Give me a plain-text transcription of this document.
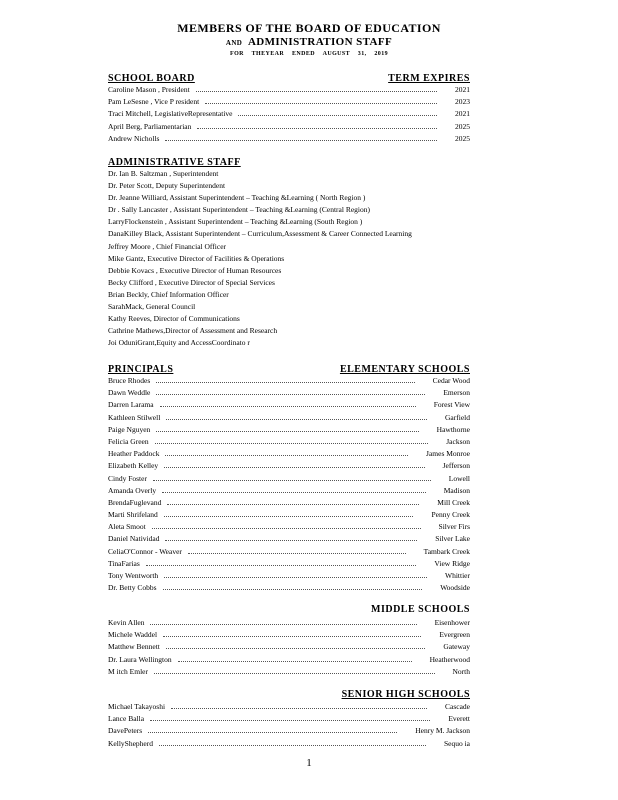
MEMBERS OF THE BOARD OF EDUCATION
AND ADMINISTRATION STAFF
FOR THEYEAR ENDED AUGUST 31, 2019
SCHOOL BOARD	TERM EXPIRES
Caroline Mason , President	2021
Pam LeSesne , Vice P resident	2023
Traci Mitchell, LegislativeRepresentative	2021
April Berg, Parliamentarian	2025
Andrew Nicholls	2025
ADMINISTRATIVE STAFF
Dr. Ian B. Saltzman , Superintendent
Dr. Peter Scott, Deputy Superintendent
Dr. Jeanne Williard, Assistant Superintendent – Teaching &Learning ( North Region )
Dr . Sally Lancaster , Assistant Superintendent – Teaching &Learning (Central Region)
LarryFlockenstein , Assistant Superintendent – Teaching &Learning (South Region )
DanaKilley Black, Assistant Superintendent – Curriculum,Assessment & Career Connected Learning
Jeffrey Moore , Chief Financial Officer
Mike Gantz, Executive Director of Facilities & Operations
Debbie Kovacs , Executive Director of Human Resources
Becky Clifford , Executive Director of Special Services
Brian Beckly, Chief Information Officer
SarahMack, General Council
Kathy Reeves, Director of Communications
Cathrine Mathews,Director of Assessment and Research
Joi OduniGrant,Equity and AccessCoordinato r
PRINCIPALS	ELEMENTARY SCHOOLS
Bruce Rhodes	Cedar Wood
Dawn Weddle	Emerson
Darren Larama	Forest View
Kathleen Stilwell	Garfield
Paige Nguyen	Hawthorne
Felicia Green	Jackson
Heather Paddock	James Monroe
Elizabeth Kelley	Jefferson
Cindy Foster	Lowell
Amanda Overly	Madison
BrendaFuglevand	Mill Creek
Marti Shrifeland	Penny Creek
Aleta Smoot	Silver Firs
Daniel Natividad	Silver Lake
CeliaO'Connor - Weaver	Tambark Creek
TinaFarias	View Ridge
Tony Wentworth	Whittier
Dr. Betty Cobbs	Woodside
MIDDLE SCHOOLS
Kevin Allen	Eisenhower
Michele Waddel	Evergreen
Matthew Bennett	Gateway
Dr. Laura Wellington	Heatherwood
M itch Emler	North
SENIOR HIGH SCHOOLS
Michael Takayoshi	Cascade
Lance Balla	Everett
DavePeters	Henry M. Jackson
KellyShepherd	Sequo ia
1
